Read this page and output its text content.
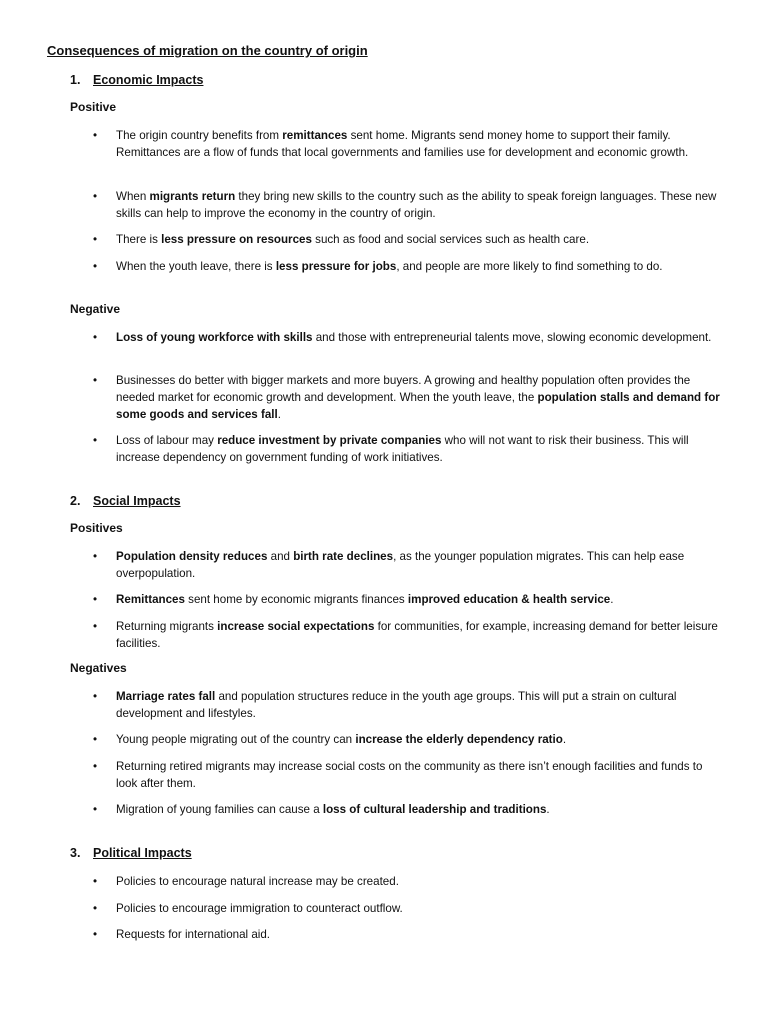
Consequences of migration on the country of origin
1. Economic Impacts
Positive
• The origin country benefits from remittances sent home. Migrants send money home to support their family. Remittances are a flow of funds that local governments and families use for development and economic growth.
• When migrants return they bring new skills to the country such as the ability to speak foreign languages. These new skills can help to improve the economy in the country of origin.
• There is less pressure on resources such as food and social services such as health care.
• When the youth leave, there is less pressure for jobs, and people are more likely to find something to do.
Negative
• Loss of young workforce with skills and those with entrepreneurial talents move, slowing economic development.
• Businesses do better with bigger markets and more buyers. A growing and healthy population often provides the needed market for economic growth and development. When the youth leave, the population stalls and demand for some goods and services fall.
• Loss of labour may reduce investment by private companies who will not want to risk their business. This will increase dependency on government funding of work initiatives.
2. Social Impacts
Positives
• Population density reduces and birth rate declines, as the younger population migrates. This can help ease overpopulation.
• Remittances sent home by economic migrants finances improved education & health service.
• Returning migrants increase social expectations for communities, for example, increasing demand for better leisure facilities.
Negatives
• Marriage rates fall and population structures reduce in the youth age groups. This will put a strain on cultural development and lifestyles.
• Young people migrating out of the country can increase the elderly dependency ratio.
• Returning retired migrants may increase social costs on the community as there isn’t enough facilities and funds to look after them.
• Migration of young families can cause a loss of cultural leadership and traditions.
3. Political Impacts
• Policies to encourage natural increase may be created.
• Policies to encourage immigration to counteract outflow.
• Requests for international aid.
